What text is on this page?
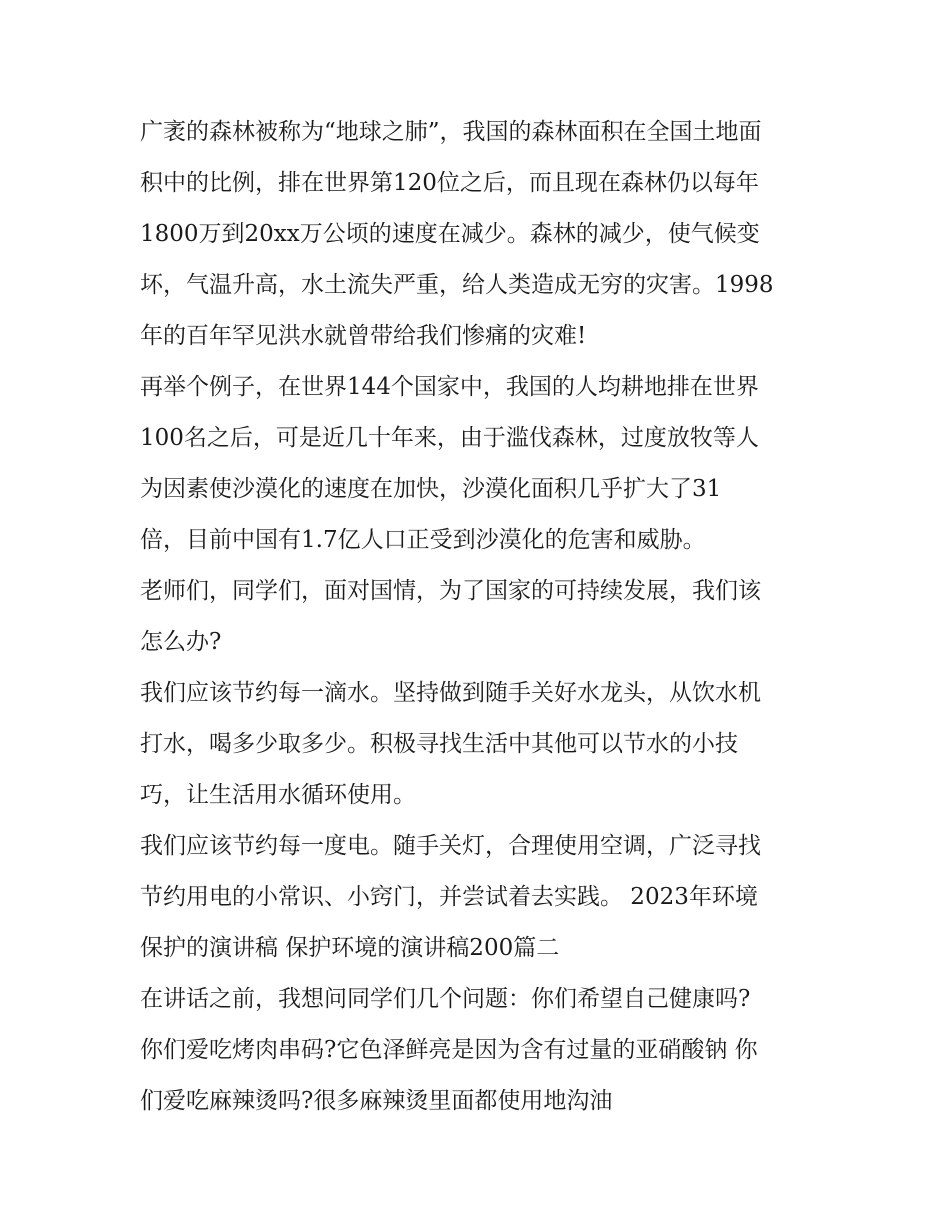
广袤的森林被称为“地球之肺”，我国的森林面积在全国土地面
积中的比例，排在世界第120位之后，而且现在森林仍以每年
1800万到20xx万公顷的速度在减少。森林的减少，使气候变
坏，气温升高，水土流失严重，给人类造成无穷的灾害。1998
年的百年罕见洪水就曾带给我们惨痛的灾难!
再举个例子，在世界144个国家中，我国的人均耕地排在世界
100名之后，可是近几十年来，由于滥伐森林，过度放牧等人
为因素使沙漠化的速度在加快，沙漠化面积几乎扩大了31
倍，目前中国有1.7亿人口正受到沙漠化的危害和威胁。
老师们，同学们，面对国情，为了国家的可持续发展，我们该
怎么办?
我们应该节约每一滴水。坚持做到随手关好水龙头，从饮水机
打水，喝多少取多少。积极寻找生活中其他可以节水的小技
巧，让生活用水循环使用。
我们应该节约每一度电。随手关灯，合理使用空调，广泛寻找
节约用电的小常识、小窍门，并尝试着去实践。 2023年环境
保护的演讲稿 保护环境的演讲稿200篇二
在讲话之前，我想问同学们几个问题：你们希望自己健康吗?
你们爱吃烤肉串码?它色泽鲜亮是因为含有过量的亚硝酸钠 你
们爱吃麻辣烫吗?很多麻辣烫里面都使用地沟油
